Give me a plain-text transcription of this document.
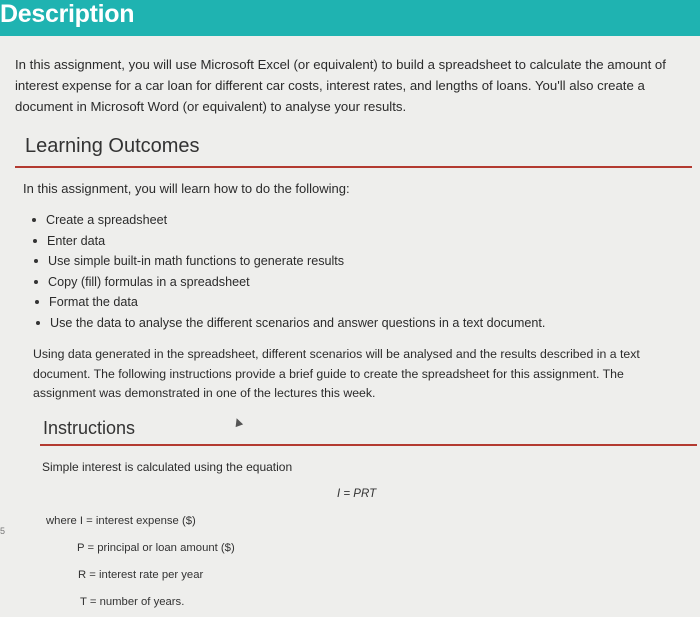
Description
In this assignment, you will use Microsoft Excel (or equivalent) to build a spreadsheet to calculate the amount of interest expense for a car loan for different car costs, interest rates, and lengths of loans. You'll also create a document in Microsoft Word (or equivalent) to analyse your results.
Learning Outcomes
In this assignment, you will learn how to do the following:
Create a spreadsheet
Enter data
Use simple built-in math functions to generate results
Copy (fill) formulas in a spreadsheet
Format the data
Use the data to analyse the different scenarios and answer questions in a text document.
Using data generated in the spreadsheet, different scenarios will be analysed and the results described in a text document. The following instructions provide a brief guide to create the spreadsheet for this assignment. The assignment was demonstrated in one of the lectures this week.
Instructions
Simple interest is calculated using the equation
I = PRT
where I = interest expense ($)
P = principal or loan amount ($)
R = interest rate per year
T = number of years.
5
